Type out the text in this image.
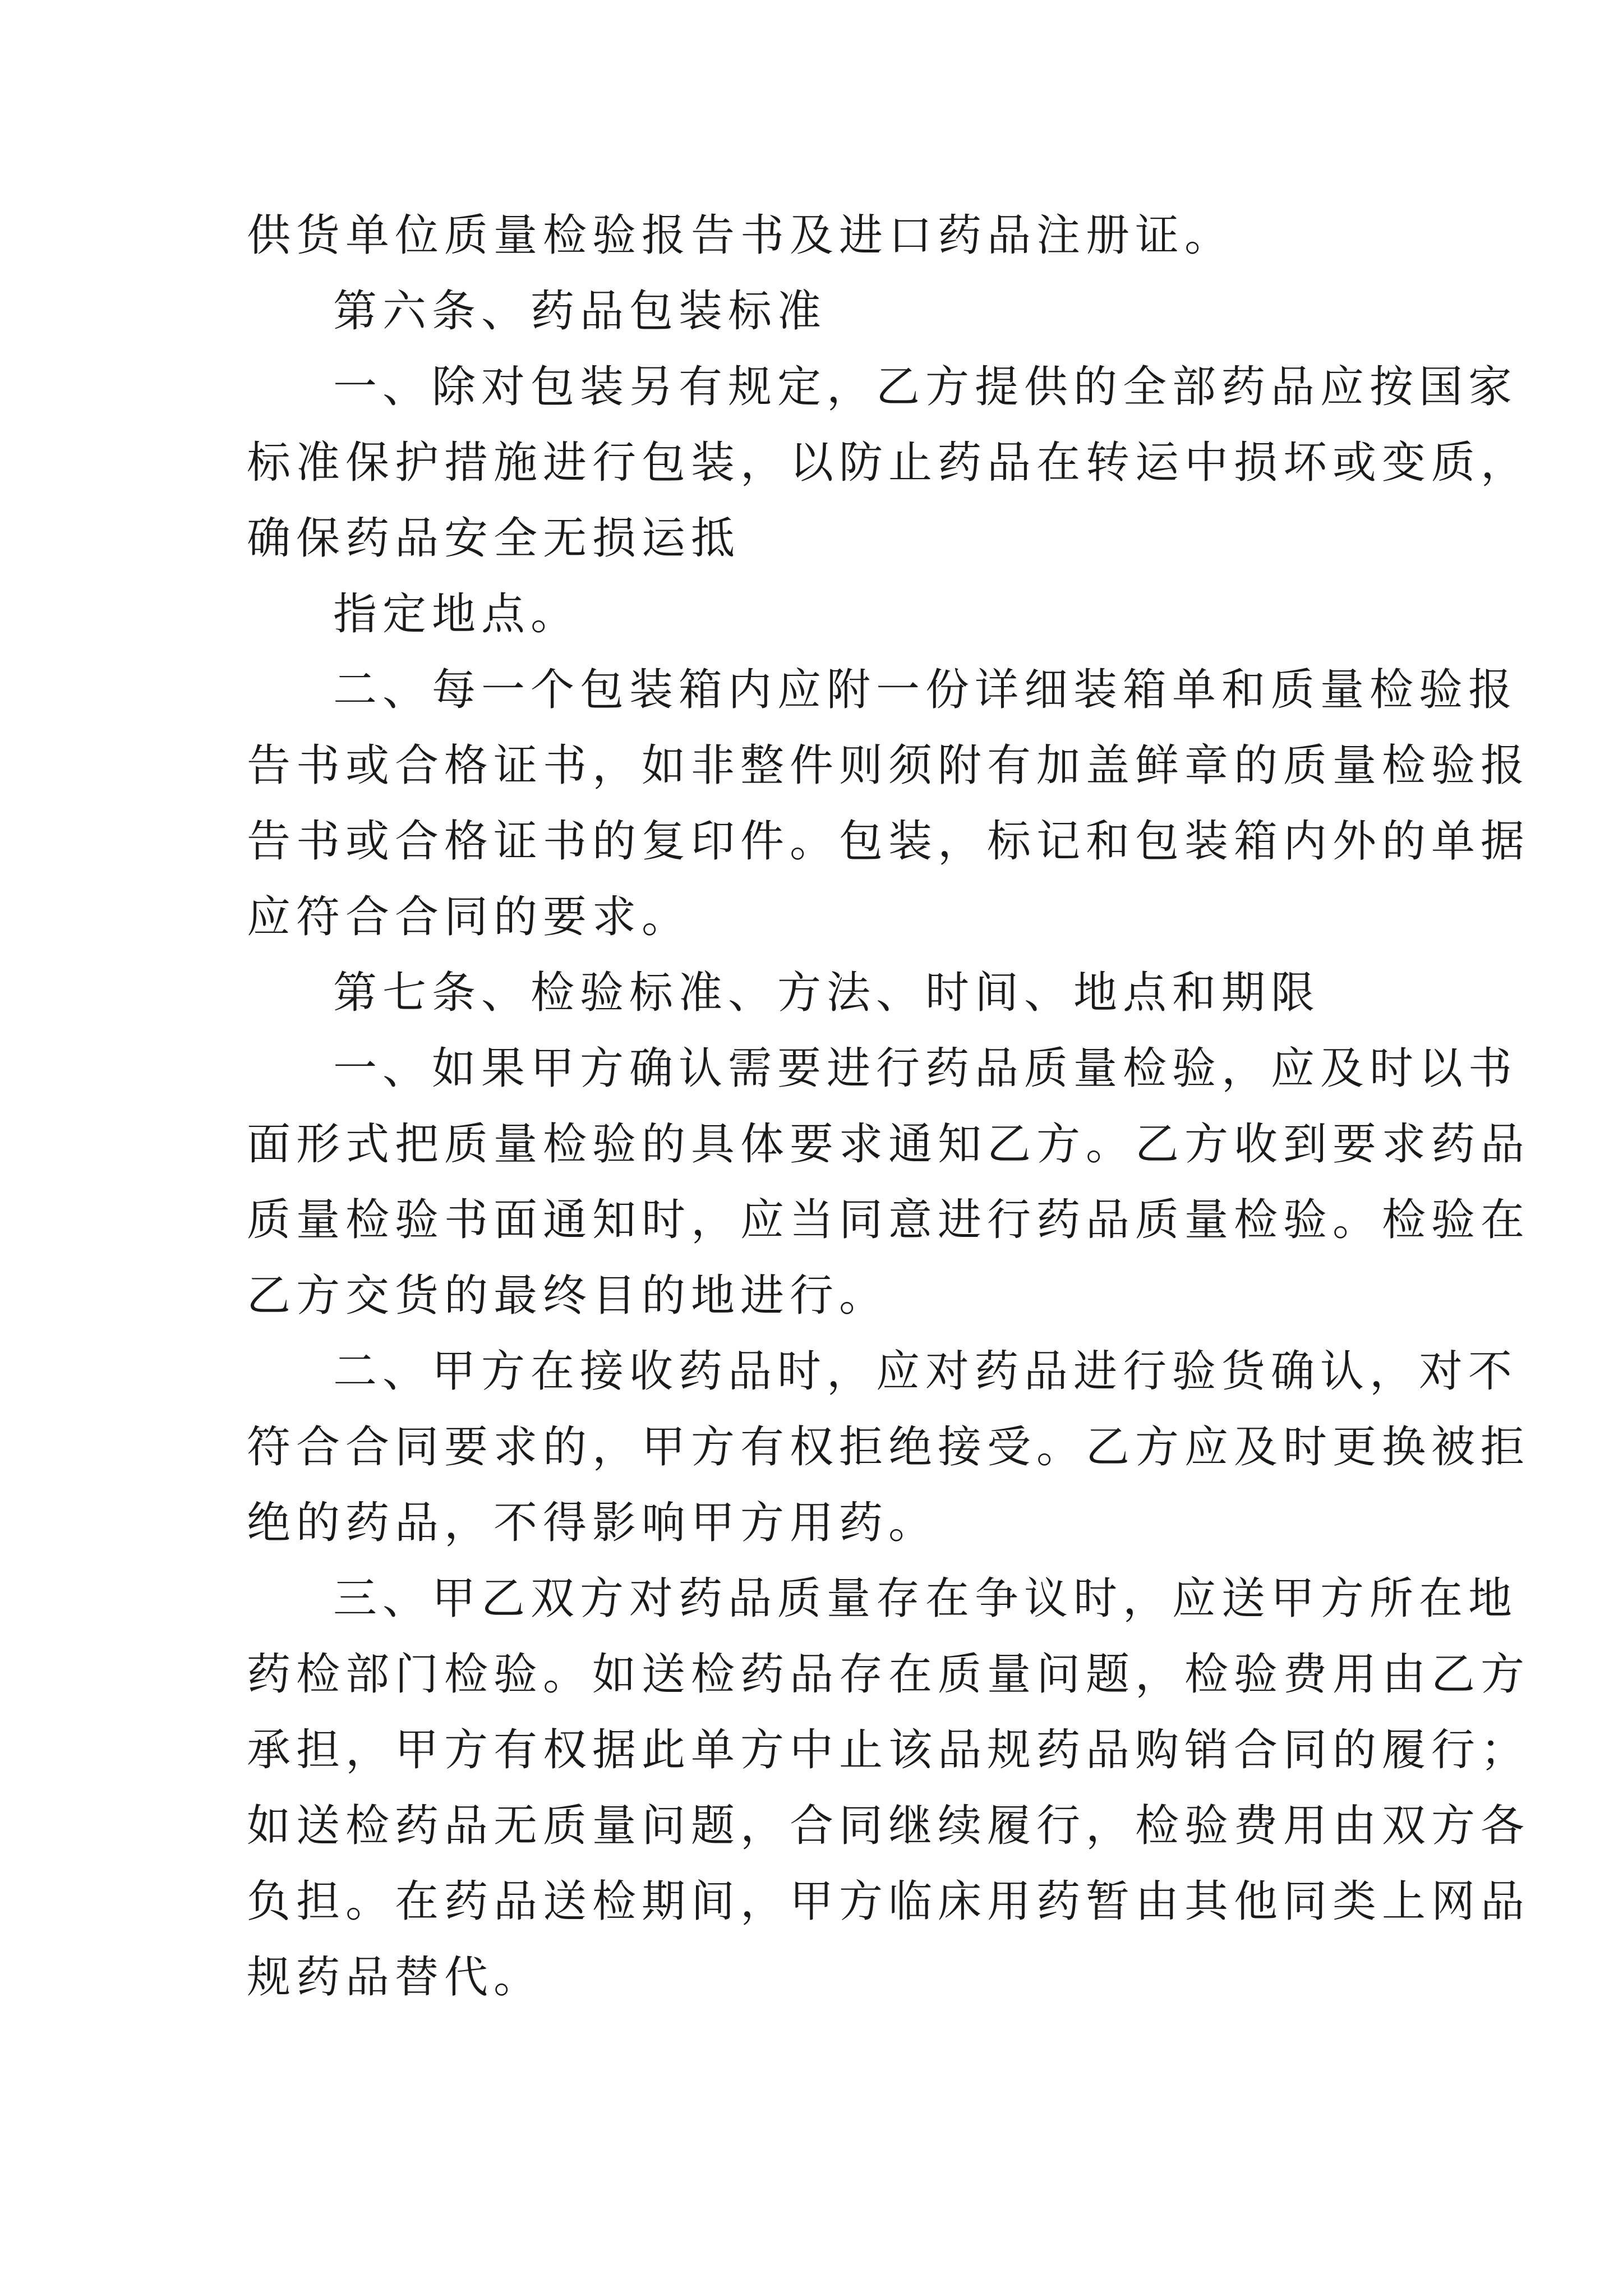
供货单位质量检验报告书及进口药品注册证。

第六条、药品包装标准

一、除对包装另有规定，乙方提供的全部药品应按国家

标准保护措施进行包装，以防止药品在转运中损坏或变质，

确保药品安全无损运抵

指定地点。

二、每一个包装箱内应附一份详细装箱单和质量检验报

告书或合格证书，如非整件则须附有加盖鲜章的质量检验报

告书或合格证书的复印件。包装，标记和包装箱内外的单据

应符合合同的要求。

第七条、检验标准、方法、时间、地点和期限

一、如果甲方确认需要进行药品质量检验，应及时以书

面形式把质量检验的具体要求通知乙方。乙方收到要求药品

质量检验书面通知时，应当同意进行药品质量检验。检验在

乙方交货的最终目的地进行。

二、甲方在接收药品时，应对药品进行验货确认，对不

符合合同要求的，甲方有权拒绝接受。乙方应及时更换被拒

绝的药品，不得影响甲方用药。

三、甲乙双方对药品质量存在争议时，应送甲方所在地

药检部门检验。如送检药品存在质量问题，检验费用由乙方

承担，甲方有权据此单方中止该品规药品购销合同的履行；

如送检药品无质量问题，合同继续履行，检验费用由双方各

负担。在药品送检期间，甲方临床用药暂由其他同类上网品

规药品替代。
